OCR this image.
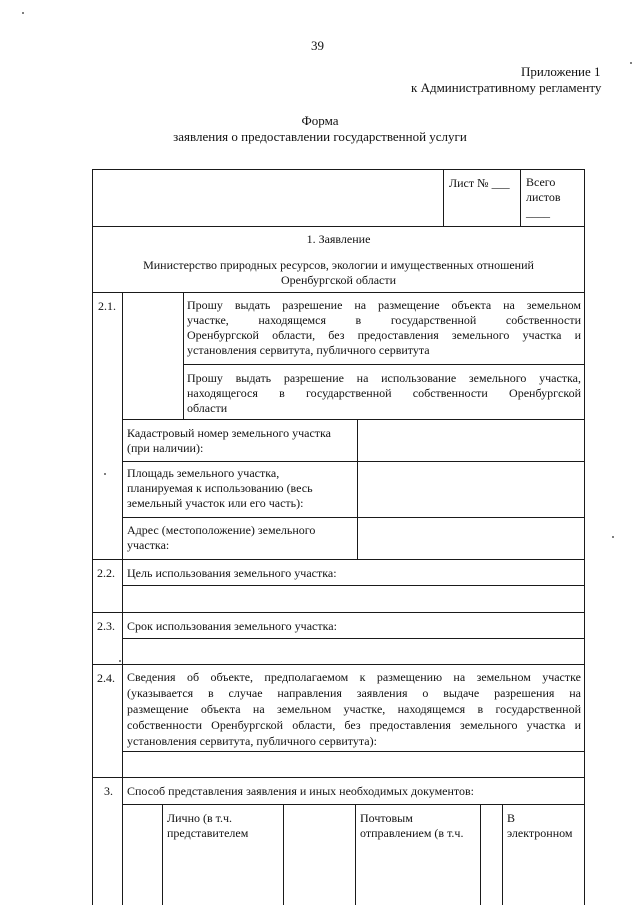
39
Приложение 1
к Административному регламенту
Форма
заявления о предоставлении государственной услуги
Лист № ___ Всего
листов
____
1. Заявление
Министерство природных ресурсов, экологии и имущественных отношений
Оренбургской области
2.1.	Прошу выдать разрешение на размещение объекта на земельном
участке, находящемся в государственной собственности
Оренбургской области, без предоставления земельного участка и
установления сервитута, публичного сервитута
Прошу выдать разрешение на использование земельного участка,
находящегося в государственной собственности Оренбургской
области
Кадастровый номер земельного участка
(при наличии):
Площадь земельного участка,
планируемая к использованию (весь
земельный участок или его часть):
Адрес (местоположение) земельного
участка:
2.2. Цель использования земельного участка:
2.3. Срок использования земельного участка:
2.4. Сведения об объекте, предполагаемом к размещению на земельном участке
(указывается в случае направления заявления о выдаче разрешения на
размещение объекта на земельном участке, находящемся в государственной
собственности Оренбургской области, без предоставления земельного участка и
установления сервитута, публичного сервитута):
3. Способ представления заявления и иных необходимых документов:
Лично (в т.ч.
представителем
Почтовым
отправлением (в т.ч.
В
электронном
